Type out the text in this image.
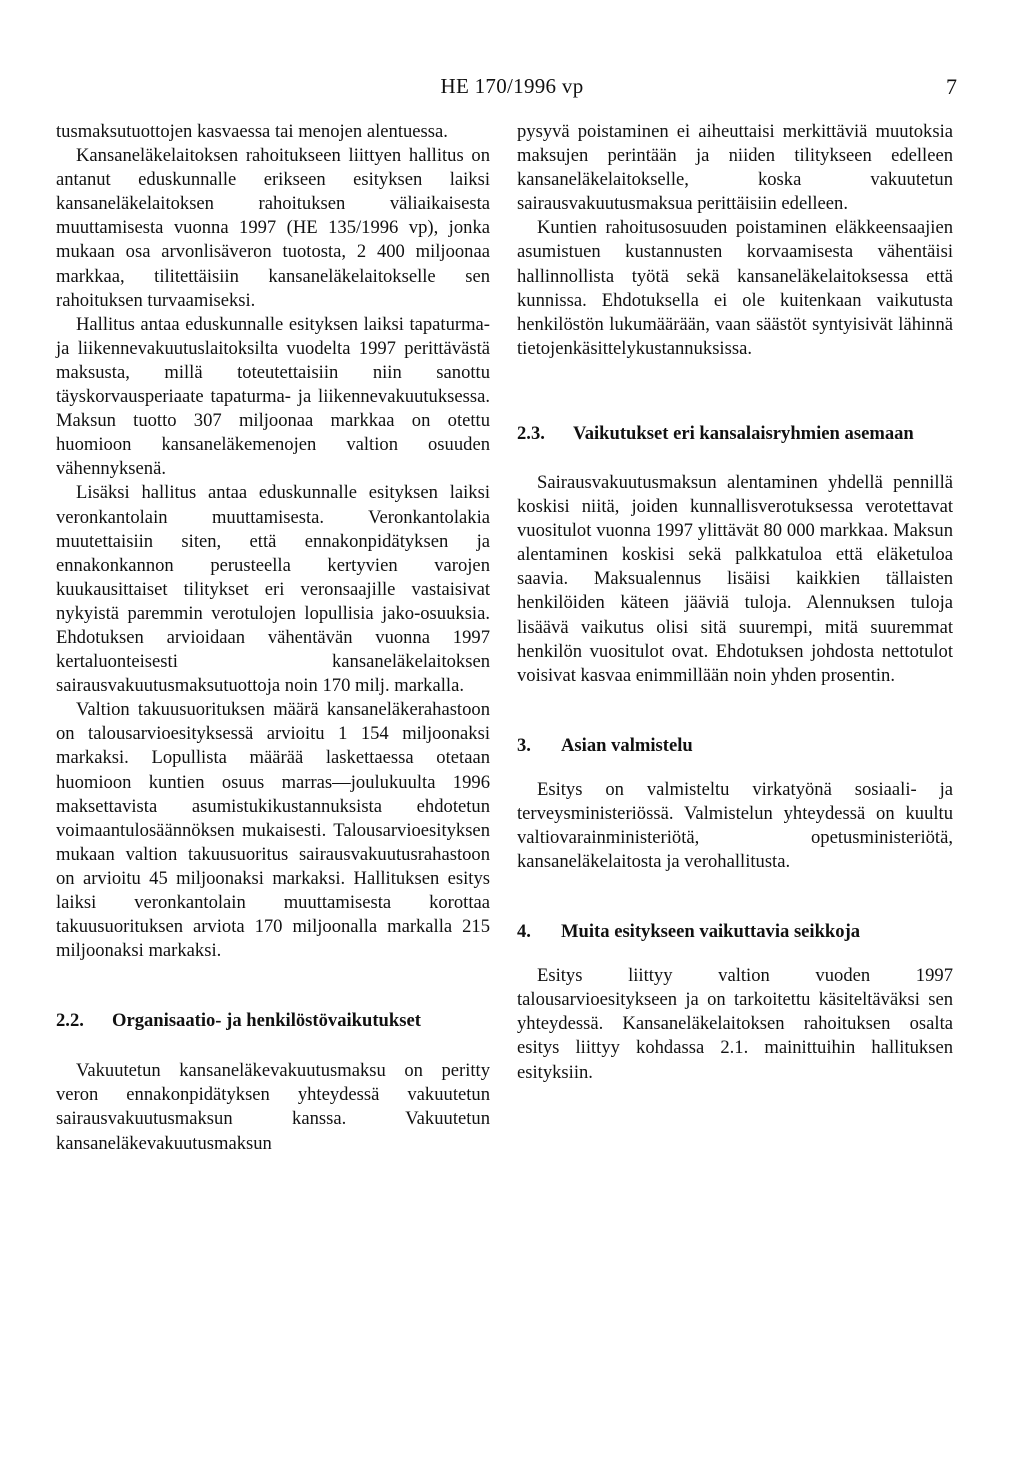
HE 170/1996 vp	7

tusmaksutuottojen kasvaessa tai menojen alentuessa.

Kansaneläkelaitoksen rahoitukseen liittyen hallitus on antanut eduskunnalle erikseen esityksen laiksi kansaneläkelaitoksen rahoituksen väliaikaisesta muuttamisesta vuonna 1997 (HE 135/1996 vp), jonka mukaan osa arvonlisäveron tuotosta, 2 400 miljoonaa markkaa, tilitettäisiin kansaneläkelaitokselle sen rahoituksen turvaamiseksi.

Hallitus antaa eduskunnalle esityksen laiksi tapaturma- ja liikennevakuutuslaitoksilta vuodelta 1997 perittävästä maksusta, millä toteutettaisiin niin sanottu täyskorvausperiaate tapaturma- ja liikennevakuutuksessa. Maksun tuotto 307 miljoonaa markkaa on otettu huomioon kansaneläkemenojen valtion osuuden vähennyksenä.

Lisäksi hallitus antaa eduskunnalle esityksen laiksi veronkantolain muuttamisesta. Veronkantolakia muutettaisiin siten, että ennakonpidätyksen ja ennakonkannon perusteella kertyvien varojen kuukausittaiset tilitykset eri veronsaajille vastaisivat nykyistä paremmin verotulojen lopullisia jako-osuuksia. Ehdotuksen arvioidaan vähentävän vuonna 1997 kertaluonteisesti kansaneläkelaitoksen sairausvakuutusmaksutuottoja noin 170 milj. markalla.

Valtion takuusuorituksen määrä kansaneläkerahastoon on talousarvioesityksessä arvioitu 1 154 miljoonaksi markaksi. Lopullista määrää laskettaessa otetaan huomioon kuntien osuus marras—joulukuulta 1996 maksettavista asumistukikustannuksista ehdotetun voimaantulosäännöksen mukaisesti. Talousarvioesityksen mukaan valtion takuusuoritus sairausvakuutusrahastoon on arvioitu 45 miljoonaksi markaksi. Hallituksen esitys laiksi veronkantolain muuttamisesta korottaa takuusuorituksen arviota 170 miljoonalla markalla 215 miljoonaksi markaksi.

2.2.	Organisaatio- ja henkilöstövaikutukset

Vakuutetun kansaneläkevakuutusmaksu on peritty veron ennakonpidätyksen yhteydessä vakuutetun sairausvakuutusmaksun kanssa. Vakuutetun kansaneläkevakuutusmaksun

pysyvä poistaminen ei aiheuttaisi merkittäviä muutoksia maksujen perintään ja niiden tilitykseen edelleen kansaneläkelaitokselle, koska vakuutetun sairausvakuutusmaksua perittäisiin edelleen.

Kuntien rahoitusosuuden poistaminen eläkkeensaajien asumistuen kustannusten korvaamisesta vähentäisi hallinnollista työtä sekä kansaneläkelaitoksessa että kunnissa. Ehdotuksella ei ole kuitenkaan vaikutusta henkilöstön lukumäärään, vaan säästöt syntyisivät lähinnä tietojenkäsittelykustannuksissa.

2.3.	Vaikutukset eri kansalaisryhmien asemaan

Sairausvakuutusmaksun alentaminen yhdellä pennillä koskisi niitä, joiden kunnallisverotuksessa verotettavat vuositulot vuonna 1997 ylittävät 80 000 markkaa. Maksun alentaminen koskisi sekä palkkatuloa että eläketuloa saavia. Maksualennus lisäisi kaikkien tällaisten henkilöiden käteen jääviä tuloja. Alennuksen tuloja lisäävä vaikutus olisi sitä suurempi, mitä suuremmat henkilön vuositulot ovat. Ehdotuksen johdosta nettotulot voisivat kasvaa enimmillään noin yhden prosentin.

3.	Asian valmistelu

Esitys on valmisteltu virkatyönä sosiaali- ja terveysministeriössä. Valmistelun yhteydessä on kuultu valtiovarainministeriötä, opetusministeriötä, kansaneläkelaitosta ja verohallitusta.

4.	Muita esitykseen vaikuttavia seikkoja

Esitys liittyy valtion vuoden 1997 talousarvioesitykseen ja on tarkoitettu käsiteltäväksi sen yhteydessä. Kansaneläkelaitoksen rahoituksen osalta esitys liittyy kohdassa 2.1. mainittuihin hallituksen esityksiin.
